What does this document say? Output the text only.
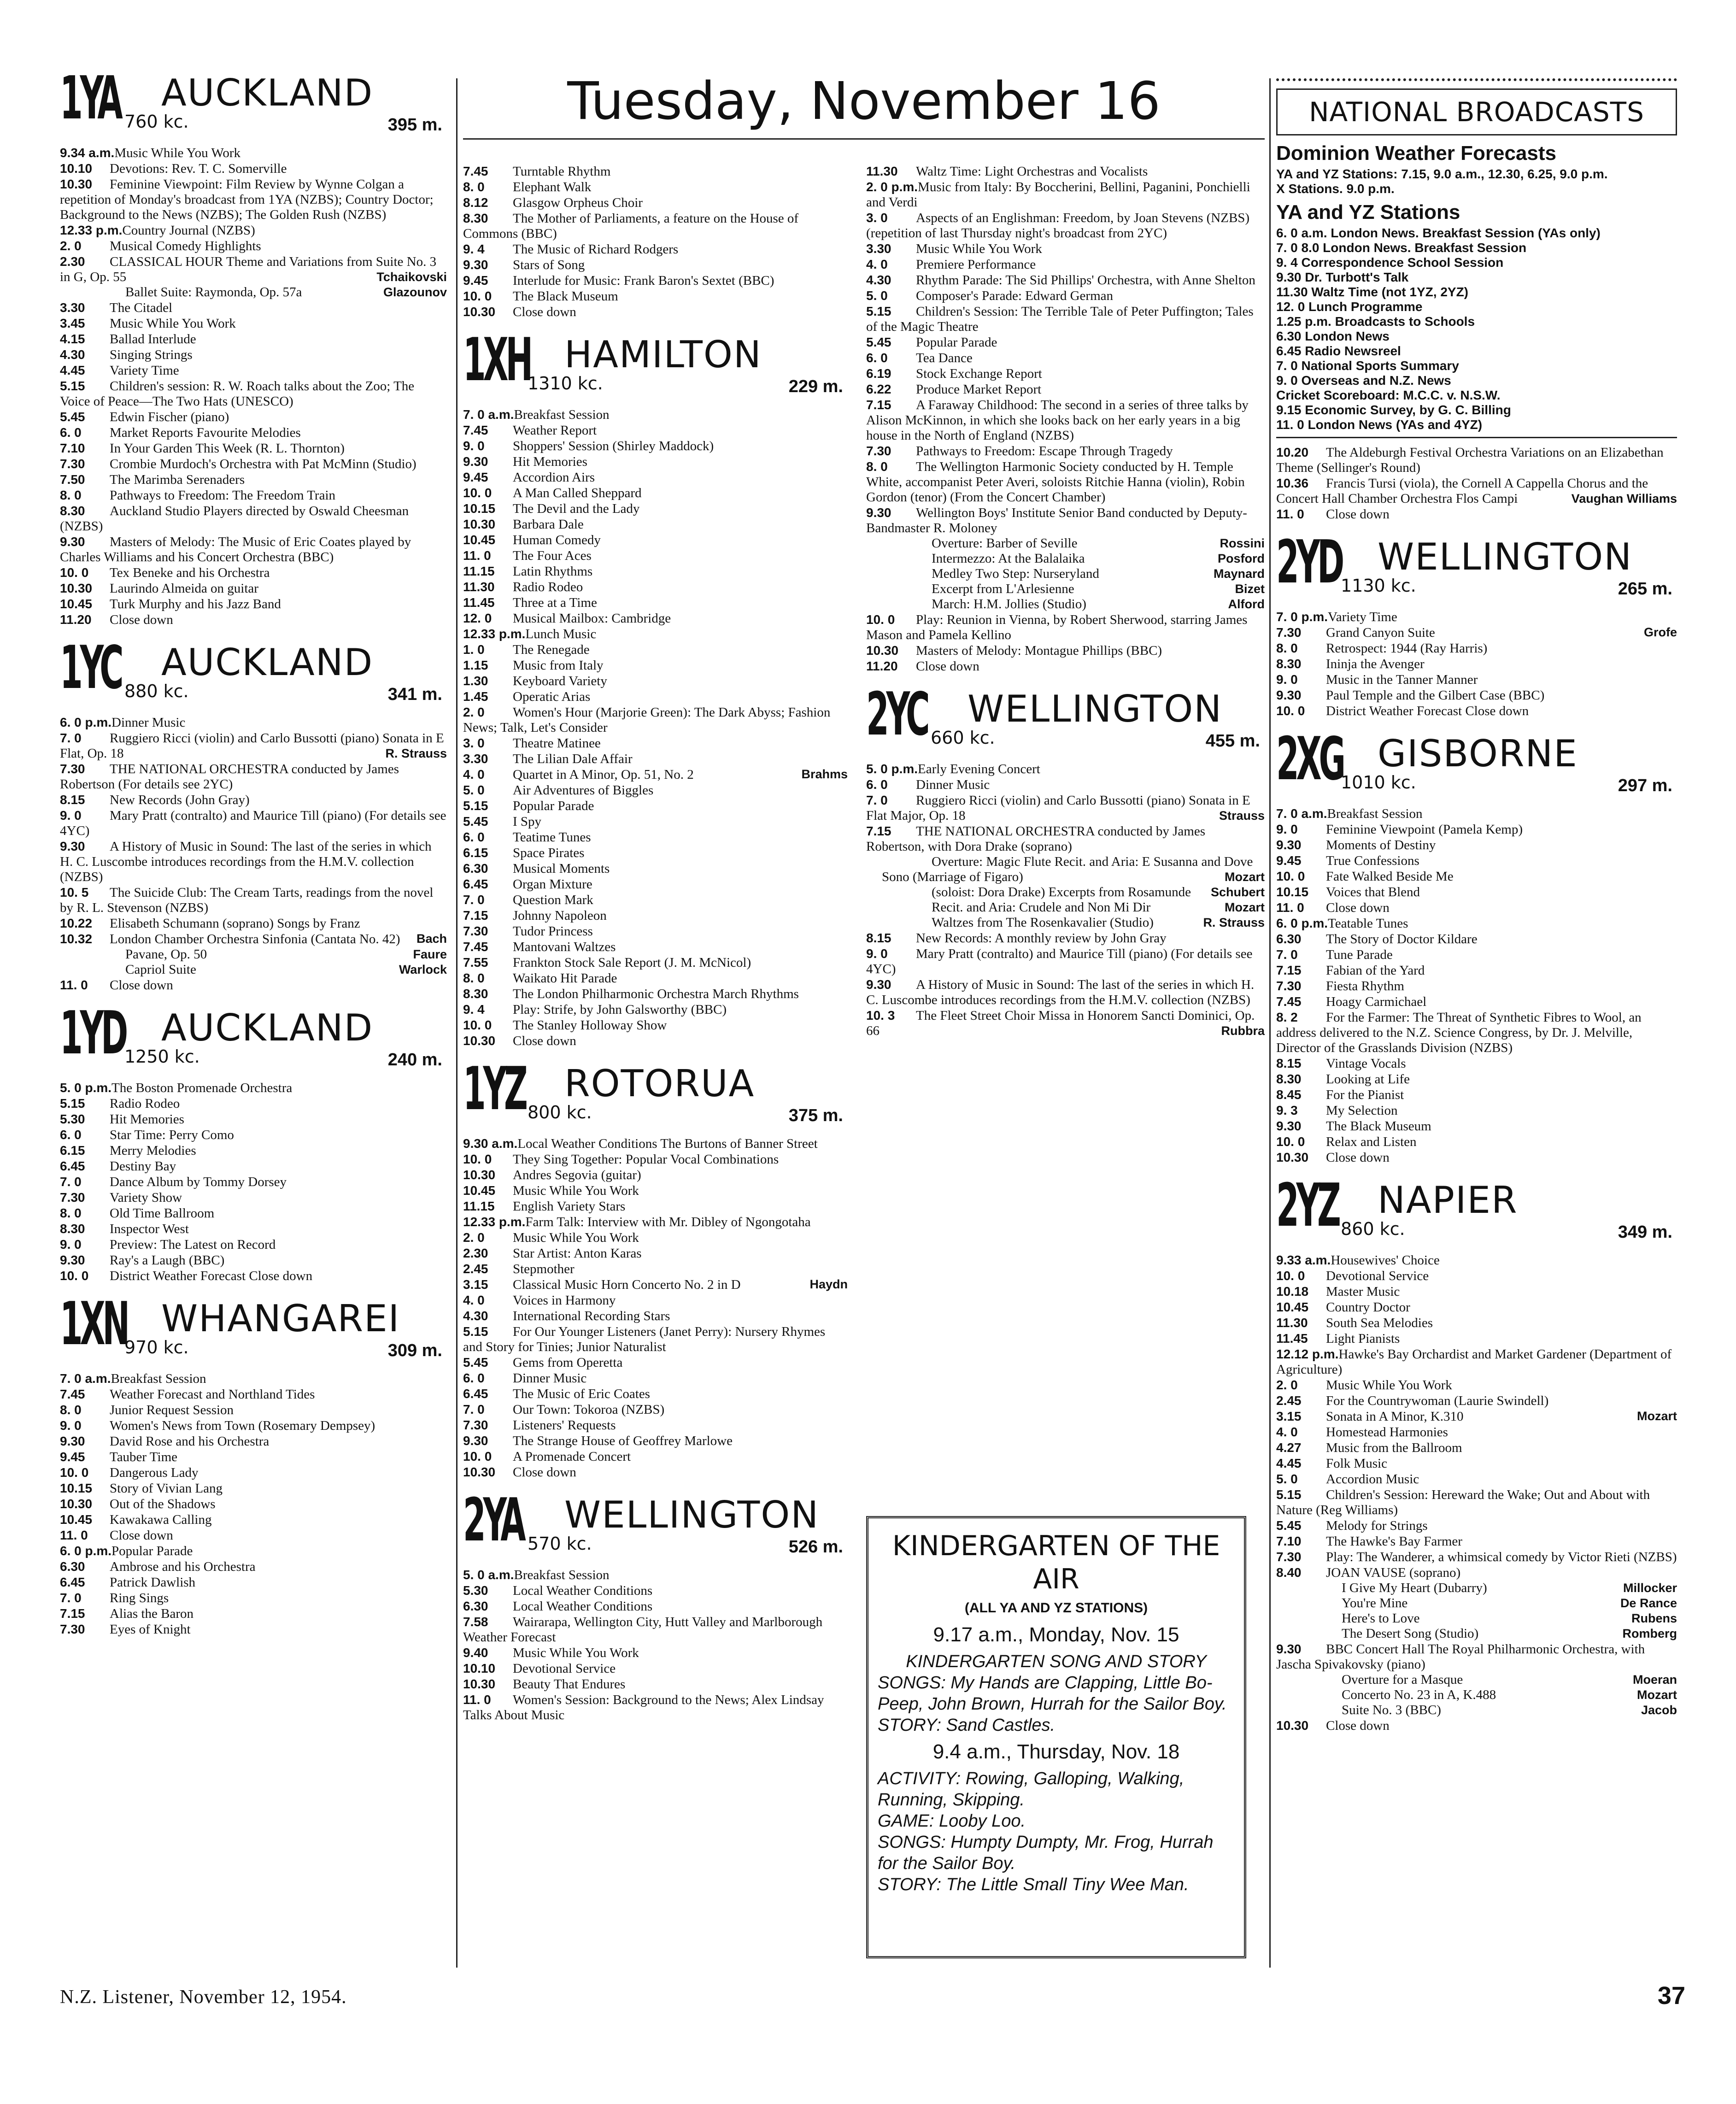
1YA AUCKLAND
760 kc.	395 m.
9.34 a.m.Music While You Work
10.10 Devotions: Rev. T. C. Somerville
10.30 Feminine Viewpoint: Film Review by Wynne Colgan a repetition of Monday's broadcast from 1YA (NZBS); Country Doctor; Background to the News (NZBS); The Golden Rush (NZBS)
12.33 p.m.Country Journal (NZBS)
2. 0 Musical Comedy Highlights
2.30 CLASSICAL HOUR Theme and Variations from Suite No. 3 in G, Op. 55	Tchaikovski
Ballet Suite: Raymonda, Op. 57a	Glazounov
3.30 The Citadel
3.45 Music While You Work
4.15 Ballad Interlude
4.30 Singing Strings
4.45 Variety Time
5.15 Children's session: R. W. Roach talks about the Zoo; The Voice of Peace—The Two Hats (UNESCO)
5.45 Edwin Fischer (piano)
6. 0 Market Reports Favourite Melodies
7.10 In Your Garden This Week (R. L. Thornton)
7.30 Crombie Murdoch's Orchestra with Pat McMinn (Studio)
7.50 The Marimba Serenaders
8. 0 Pathways to Freedom: The Freedom Train
8.30 Auckland Studio Players directed by Oswald Cheesman (NZBS)
9.30 Masters of Melody: The Music of Eric Coates played by Charles Williams and his Concert Orchestra (BBC)
10. 0 Tex Beneke and his Orchestra
10.30 Laurindo Almeida on guitar
10.45 Turk Murphy and his Jazz Band
11.20 Close down
1YC AUCKLAND
880 kc.	341 m.
6. 0 p.m.Dinner Music
7. 0 Ruggiero Ricci (violin) and Carlo Bussotti (piano) Sonata in E Flat, Op. 18	R. Strauss
7.30 THE NATIONAL ORCHESTRA conducted by James Robertson (For details see 2YC)
8.15 New Records (John Gray)
9. 0 Mary Pratt (contralto) and Maurice Till (piano) (For details see 4YC)
9.30 A History of Music in Sound: The last of the series in which H. C. Luscombe introduces recordings from the H.M.V. collection (NZBS)
10. 5 The Suicide Club: The Cream Tarts, readings from the novel by R. L. Stevenson (NZBS)
10.22 Elisabeth Schumann (soprano) Songs by Franz
10.32 London Chamber Orchestra Sinfonia (Cantata No. 42) Bach
Pavane, Op. 50	Faure
Capriol Suite	Warlock
11. 0 Close down
1YD AUCKLAND
1250 kc.	240 m.
5. 0 p.m.The Boston Promenade Orchestra
5.15 Radio Rodeo
5.30 Hit Memories
6. 0 Star Time: Perry Como
6.15 Merry Melodies
6.45 Destiny Bay
7. 0 Dance Album by Tommy Dorsey
7.30 Variety Show
8. 0 Old Time Ballroom
8.30 Inspector West
9. 0 Preview: The Latest on Record
9.30 Ray's a Laugh (BBC)
10. 0 District Weather Forecast Close down
1XN WHANGAREI
970 kc.	309 m.
7. 0 a.m.Breakfast Session
7.45 Weather Forecast and Northland Tides
8. 0 Junior Request Session
9. 0 Women's News from Town (Rosemary Dempsey)
9.30 David Rose and his Orchestra
9.45 Tauber Time
10. 0 Dangerous Lady
10.15 Story of Vivian Lang
10.30 Out of the Shadows
10.45 Kawakawa Calling
11. 0 Close down
6. 0 p.m.Popular Parade
6.30 Ambrose and his Orchestra
6.45 Patrick Dawlish
7. 0 Ring Sings
7.15 Alias the Baron
7.30 Eyes of Knight
Tuesday, November 16
7.45 Turntable Rhythm
8. 0 Elephant Walk
8.12 Glasgow Orpheus Choir
8.30 The Mother of Parliaments, a feature on the House of Commons (BBC)
9. 4 The Music of Richard Rodgers
9.30 Stars of Song
9.45 Interlude for Music: Frank Baron's Sextet (BBC)
10. 0 The Black Museum
10.30 Close down
1XH HAMILTON
1310 kc.	229 m.
7. 0 a.m.Breakfast Session
7.45 Weather Report
9. 0 Shoppers' Session (Shirley Maddock)
9.30 Hit Memories
9.45 Accordion Airs
10. 0 A Man Called Sheppard
10.15 The Devil and the Lady
10.30 Barbara Dale
10.45 Human Comedy
11. 0 The Four Aces
11.15 Latin Rhythms
11.30 Radio Rodeo
11.45 Three at a Time
12. 0 Musical Mailbox: Cambridge
12.33 p.m.Lunch Music
1. 0 The Renegade
1.15 Music from Italy
1.30 Keyboard Variety
1.45 Operatic Arias
2. 0 Women's Hour (Marjorie Green): The Dark Abyss; Fashion News; Talk, Let's Consider
3. 0 Theatre Matinee
3.30 The Lilian Dale Affair
4. 0 Quartet in A Minor, Op. 51, No. 2	Brahms
5. 0 Air Adventures of Biggles
5.15 Popular Parade
5.45 I Spy
6. 0 Teatime Tunes
6.15 Space Pirates
6.30 Musical Moments
6.45 Organ Mixture
7. 0 Question Mark
7.15 Johnny Napoleon
7.30 Tudor Princess
7.45 Mantovani Waltzes
7.55 Frankton Stock Sale Report (J. M. McNicol)
8. 0 Waikato Hit Parade
8.30 The London Philharmonic Orchestra March Rhythms
9. 4 Play: Strife, by John Galsworthy (BBC)
10. 0 The Stanley Holloway Show
10.30 Close down
1YZ ROTORUA
800 kc.	375 m.
9.30 a.m.Local Weather Conditions The Burtons of Banner Street
10. 0 They Sing Together: Popular Vocal Combinations
10.30 Andres Segovia (guitar)
10.45 Music While You Work
11.15 English Variety Stars
12.33 p.m.Farm Talk: Interview with Mr. Dibley of Ngongotaha
2. 0 Music While You Work
2.30 Star Artist: Anton Karas
2.45 Stepmother
3.15 Classical Music Horn Concerto No. 2 in D	Haydn
4. 0 Voices in Harmony
4.30 International Recording Stars
5.15 For Our Younger Listeners (Janet Perry): Nursery Rhymes and Story for Tinies; Junior Naturalist
5.45 Gems from Operetta
6. 0 Dinner Music
6.45 The Music of Eric Coates
7. 0 Our Town: Tokoroa (NZBS)
7.30 Listeners' Requests
9.30 The Strange House of Geoffrey Marlowe
10. 0 A Promenade Concert
10.30 Close down
2YA WELLINGTON
570 kc.	526 m.
5. 0 a.m.Breakfast Session
5.30 Local Weather Conditions
6.30 Local Weather Conditions
7.58 Wairarapa, Wellington City, Hutt Valley and Marlborough Weather Forecast
9.40 Music While You Work
10.10 Devotional Service
10.30 Beauty That Endures
11. 0 Women's Session: Background to the News; Alex Lindsay Talks About Music
11.30 Waltz Time: Light Orchestras and Vocalists
2. 0 p.m.Music from Italy: By Boccherini, Bellini, Paganini, Ponchielli and Verdi
3. 0 Aspects of an Englishman: Freedom, by Joan Stevens (NZBS) (repetition of last Thursday night's broadcast from 2YC)
3.30 Music While You Work
4. 0 Premiere Performance
4.30 Rhythm Parade: The Sid Phillips' Orchestra, with Anne Shelton
5. 0 Composer's Parade: Edward German
5.15 Children's Session: The Terrible Tale of Peter Puffington; Tales of the Magic Theatre
5.45 Popular Parade
6. 0 Tea Dance
6.19 Stock Exchange Report
6.22 Produce Market Report
7.15 A Faraway Childhood: The second in a series of three talks by Alison McKinnon, in which she looks back on her early years in a big house in the North of England (NZBS)
7.30 Pathways to Freedom: Escape Through Tragedy
8. 0 The Wellington Harmonic Society conducted by H. Temple White, accompanist Peter Averi, soloists Ritchie Hanna (violin), Robin Gordon (tenor) (From the Concert Chamber)
9.30 Wellington Boys' Institute Senior Band conducted by Deputy-Bandmaster R. Moloney
Overture: Barber of Seville	Rossini
Intermezzo: At the Balalaika	Posford
Medley Two Step: Nurseryland	Maynard
Excerpt from L'Arlesienne	Bizet
March: H.M. Jollies (Studio)	Alford
10. 0 Play: Reunion in Vienna, by Robert Sherwood, starring James Mason and Pamela Kellino
10.30 Masters of Melody: Montague Phillips (BBC)
11.20 Close down
2YC WELLINGTON
660 kc.	455 m.
5. 0 p.m.Early Evening Concert
6. 0 Dinner Music
7. 0 Ruggiero Ricci (violin) and Carlo Bussotti (piano) Sonata in E Flat Major, Op. 18	Strauss
7.15 THE NATIONAL ORCHESTRA conducted by James Robertson, with Dora Drake (soprano)
Overture: Magic Flute Recit. and Aria: E Susanna and Dove Sono (Marriage of Figaro)	Mozart
(soloist: Dora Drake) Excerpts from Rosamunde Schubert
Recit. and Aria: Crudele and Non Mi Dir	Mozart
Waltzes from The Rosenkavalier (Studio)	R. Strauss
8.15 New Records: A monthly review by John Gray
9. 0 Mary Pratt (contralto) and Maurice Till (piano) (For details see 4YC)
9.30 A History of Music in Sound: The last of the series in which H. C. Luscombe introduces recordings from the H.M.V. collection (NZBS)
10. 3 The Fleet Street Choir Missa in Honorem Sancti Dominici, Op. 66	Rubbra
KINDERGARTEN OF THE AIR
(ALL YA AND YZ STATIONS)
9.17 a.m., Monday, Nov. 15
KINDERGARTEN SONG AND STORY
SONGS: My Hands are Clapping, Little Bo-Peep, John Brown, Hurrah for the Sailor Boy.
STORY: Sand Castles.
9.4 a.m., Thursday, Nov. 18
ACTIVITY: Rowing, Galloping, Walking, Running, Skipping.
GAME: Looby Loo.
SONGS: Humpty Dumpty, Mr. Frog, Hurrah for the Sailor Boy.
STORY: The Little Small Tiny Wee Man.
NATIONAL BROADCASTS
Dominion Weather Forecasts
YA and YZ Stations: 7.15, 9.0 a.m., 12.30, 6.25, 9.0 p.m.
X Stations. 9.0 p.m.
YA and YZ Stations
6. 0 a.m. London News. Breakfast Session (YAs only)
7. 0 8.0 London News. Breakfast Session
9. 4 Correspondence School Session
9.30 Dr. Turbott's Talk
11.30 Waltz Time (not 1YZ, 2YZ)
12. 0 Lunch Programme
1.25 p.m. Broadcasts to Schools
6.30 London News
6.45 Radio Newsreel
7. 0 National Sports Summary
9. 0 Overseas and N.Z. News
Cricket Scoreboard: M.C.C. v. N.S.W.
9.15 Economic Survey, by G. C. Billing
11. 0 London News (YAs and 4YZ)
10.20 The Aldeburgh Festival Orchestra Variations on an Elizabethan Theme (Sellinger's Round)
10.36 Francis Tursi (viola), the Cornell A Cappella Chorus and the Concert Hall Chamber Orchestra Flos Campi	Vaughan Williams
11. 0 Close down
2YD WELLINGTON
1130 kc.	265 m.
7. 0 p.m.Variety Time
7.30 Grand Canyon Suite	Grofe
8. 0 Retrospect: 1944 (Ray Harris)
8.30 Ininja the Avenger
9. 0 Music in the Tanner Manner
9.30 Paul Temple and the Gilbert Case (BBC)
10. 0 District Weather Forecast Close down
2XG GISBORNE
1010 kc.	297 m.
7. 0 a.m.Breakfast Session
9. 0 Feminine Viewpoint (Pamela Kemp)
9.30 Moments of Destiny
9.45 True Confessions
10. 0 Fate Walked Beside Me
10.15 Voices that Blend
11. 0 Close down
6. 0 p.m.Teatable Tunes
6.30 The Story of Doctor Kildare
7. 0 Tune Parade
7.15 Fabian of the Yard
7.30 Fiesta Rhythm
7.45 Hoagy Carmichael
8. 2 For the Farmer: The Threat of Synthetic Fibres to Wool, an address delivered to the N.Z. Science Congress, by Dr. J. Melville, Director of the Grasslands Division (NZBS)
8.15 Vintage Vocals
8.30 Looking at Life
8.45 For the Pianist
9. 3 My Selection
9.30 The Black Museum
10. 0 Relax and Listen
10.30 Close down
2YZ NAPIER
860 kc.	349 m.
9.33 a.m.Housewives' Choice
10. 0 Devotional Service
10.18 Master Music
10.45 Country Doctor
11.30 South Sea Melodies
11.45 Light Pianists
12.12 p.m.Hawke's Bay Orchardist and Market Gardener (Department of Agriculture)
2. 0 Music While You Work
2.45 For the Countrywoman (Laurie Swindell)
3.15 Sonata in A Minor, K.310	Mozart
4. 0 Homestead Harmonies
4.27 Music from the Ballroom
4.45 Folk Music
5. 0 Accordion Music
5.15 Children's Session: Hereward the Wake; Out and About with Nature (Reg Williams)
5.45 Melody for Strings
7.10 The Hawke's Bay Farmer
7.30 Play: The Wanderer, a whimsical comedy by Victor Rieti (NZBS)
8.40 JOAN VAUSE (soprano)
I Give My Heart (Dubarry)	Millocker
You're Mine	De Rance
Here's to Love	Rubens
The Desert Song (Studio)	Romberg
9.30 BBC Concert Hall The Royal Philharmonic Orchestra, with Jascha Spivakovsky (piano)
Overture for a Masque	Moeran
Concerto No. 23 in A, K.488	Mozart
Suite No. 3 (BBC)	Jacob
10.30 Close down
N.Z. Listener, November 12, 1954.	37
